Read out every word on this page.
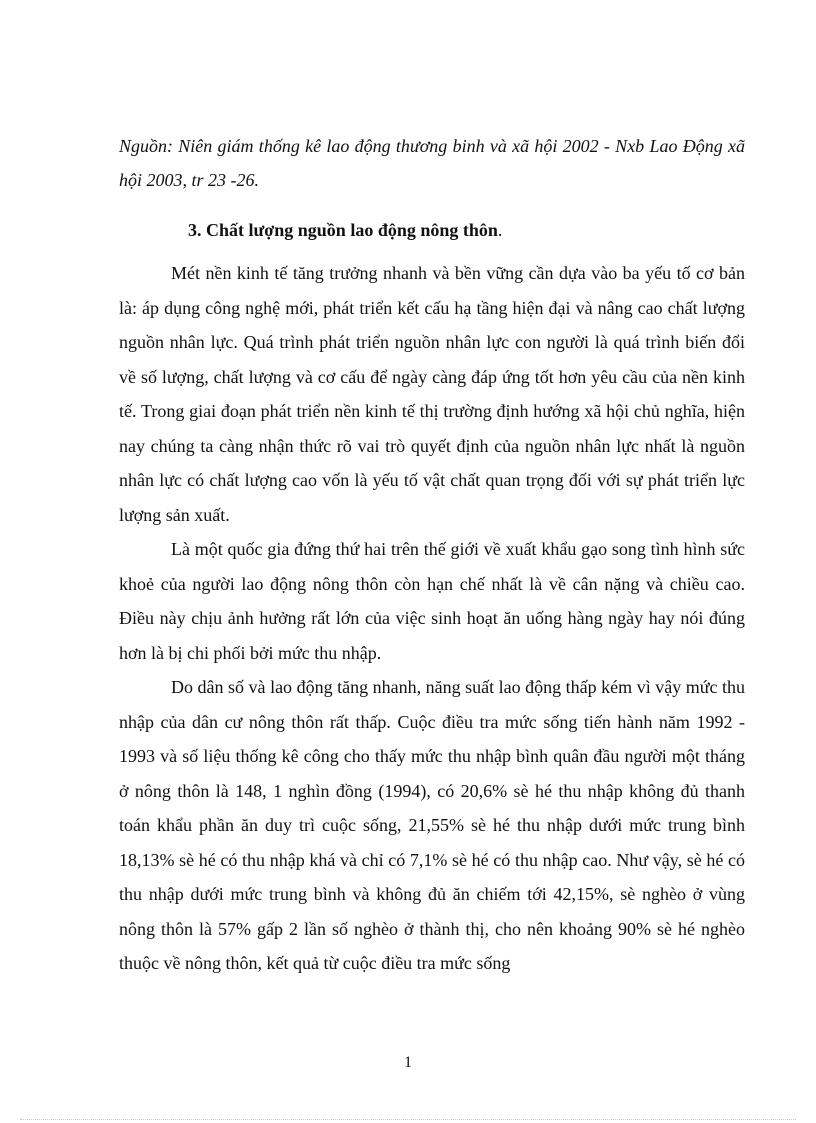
Nguồn: Niên giám thống kê lao động thương binh và xã hội 2002 - Nxb Lao Động xã hội 2003, tr 23 -26.
3. Chất lượng nguồn lao động nông thôn.

Mét nền kinh tế tăng trưởng nhanh và bền vững cần dựa vào ba yếu tố cơ bản là: áp dụng công nghệ mới, phát triển kết cấu hạ tầng hiện đại và nâng cao chất lượng nguồn nhân lực. Quá trình phát triển nguồn nhân lực con người là quá trình biến đổi về số lượng, chất lượng và cơ cấu để ngày càng đáp ứng tốt hơn yêu cầu của nền kinh tế. Trong giai đoạn phát triển nền kinh tế thị trường định hướng xã hội chủ nghĩa, hiện nay chúng ta càng nhận thức rõ vai trò quyết định của nguồn nhân lực nhất là nguồn nhân lực có chất lượng cao vốn là yếu tố vật chất quan trọng đối với sự phát triển lực lượng sản xuất.

Là một quốc gia đứng thứ hai trên thế giới về xuất khẩu gạo song tình hình sức khoẻ của người lao động nông thôn còn hạn chế nhất là về cân nặng và chiều cao. Điều này chịu ảnh hưởng rất lớn của việc sinh hoạt ăn uống hàng ngày hay nói đúng hơn là bị chi phối bởi mức thu nhập.

Do dân số và lao động tăng nhanh, năng suất lao động thấp kém vì vậy mức thu nhập của dân cư nông thôn rất thấp. Cuộc điều tra mức sống tiến hành năm 1992 - 1993 và số liệu thống kê công cho thấy mức thu nhập bình quân đầu người một tháng ở nông thôn là 148, 1 nghìn đồng (1994), có 20,6% sè hé thu nhập không đủ thanh toán khẩu phần ăn duy trì cuộc sống, 21,55% sè hé thu nhập dưới mức trung bình 18,13% sè hé có thu nhập khá và chỉ có 7,1% sè hé có thu nhập cao. Như vậy, sè hé có thu nhập dưới mức trung bình và không đủ ăn chiếm tới 42,15%, sè nghèo ở vùng nông thôn là 57% gấp 2 lần số nghèo ở thành thị, cho nên khoảng 90% sè hé nghèo thuộc về nông thôn, kết quả từ cuộc điều tra mức sống

1
